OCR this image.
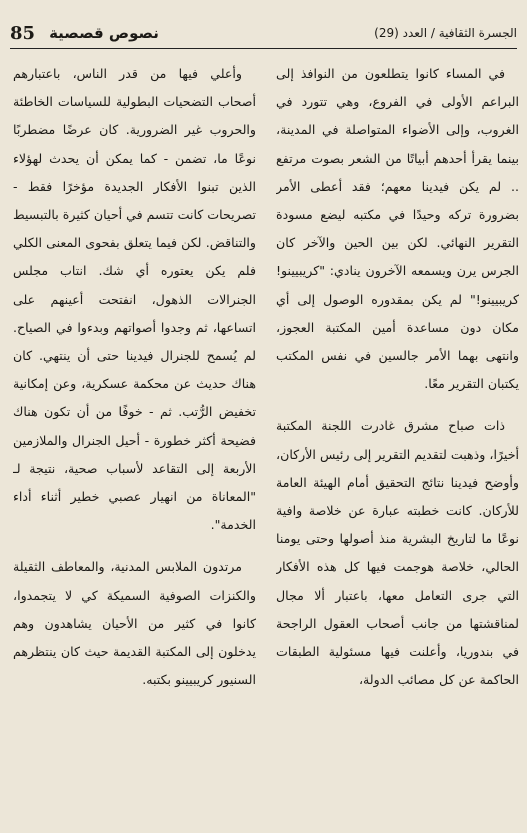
85 نصوص قصصية	الجسرة الثقافية / العدد (29)

في المساء كانوا يتطلعون من النوافذ إلى البراعم الأولى في الفروع، وهي تتورد في الغروب، وإلى الأضواء المتواصلة في المدينة، بينما يقرأ أحدهم أبياتًا من الشعر بصوت مرتفع .. لم يكن فيدينا معهم؛ فقد أعطى الأمر بضرورة تركه وحيدًا في مكتبه ليضع مسودة التقرير النهائي. لكن بين الحين والآخر كان الجرس يرن ويسمعه الآخرون ينادي: "كريبيينو! كريبيينو!" لم يكن بمقدوره الوصول إلى أي مكان دون مساعدة أمين المكتبة العجوز، وانتهى بهما الأمر جالسين في نفس المكتب يكتبان التقرير معًا.

ذات صباح مشرق غادرت اللجنة المكتبة أخيرًا، وذهبت لتقديم التقرير إلى رئيس الأركان، وأوضح فيدينا نتائج التحقيق أمام الهيئة العامة للأركان. كانت خطبته عبارة عن خلاصة وافية نوعًا ما لتاريخ البشرية منذ أصولها وحتى يومنا الحالي، خلاصة هوجمت فيها كل هذه الأفكار التي جرى التعامل معها، باعتبار ألا مجال لمناقشتها من جانب أصحاب العقول الراجحة في بندوريا، وأعلنت فيها مسئولية الطبقات الحاكمة عن كل مصائب الدولة،

وأعلي فيها من قدر الناس، باعتبارهم أصحاب التضحيات البطولية للسياسات الخاطئة والحروب غير الضرورية. كان عرضًا مضطربًا نوعًا ما، تضمن - كما يمكن أن يحدث لهؤلاء الذين تبنوا الأفكار الجديدة مؤخرًا فقط - تصريحات كانت تتسم في أحيان كثيرة بالتبسيط والتناقض. لكن فيما يتعلق بفحوى المعنى الكلي فلم يكن يعتوره أي شك. انتاب مجلس الجنرالات الذهول، انفتحت أعينهم على اتساعها، ثم وجدوا أصواتهم وبدءوا في الصياح. لم يُسمح للجنرال فيدينا حتى أن ينتهي. كان هناك حديث عن محكمة عسكرية، وعن إمكانية تخفيض الرُّتب. ثم - خوفًا من أن تكون هناك فضيحة أكثر خطورة - أحيل الجنرال والملازمين الأربعة إلى التقاعد لأسباب صحية، نتيجة لـ "المعاناة من انهيار عصبي خطير أثناء أداء الخدمة".

مرتدون الملابس المدنية، والمعاطف الثقيلة والكنزات الصوفية السميكة كي لا يتجمدوا، كانوا في كثير من الأحيان يشاهدون وهم يدخلون إلى المكتبة القديمة حيث كان ينتظرهم السنيور كريبيينو بكتبه.
